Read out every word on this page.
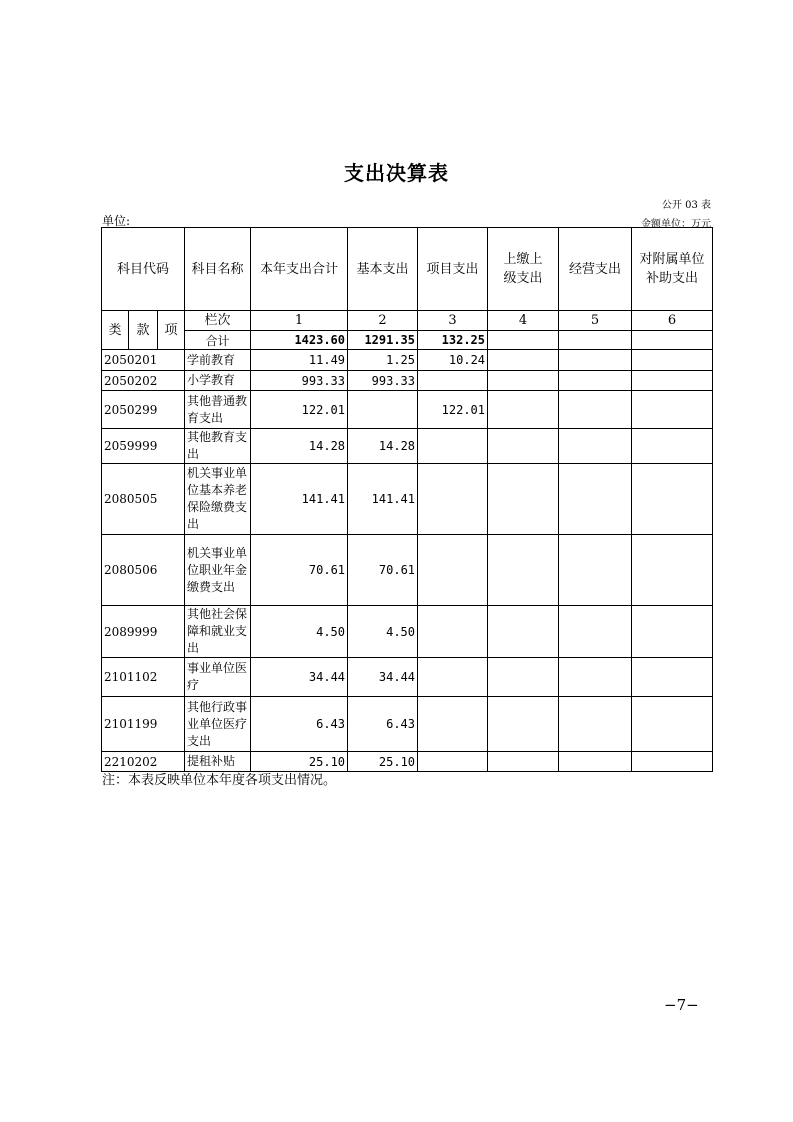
支出决算表
公开 03 表
单位:	金额单位：万元
科目代码			科目名称	本年支出合计	基本支出	项目支出	上缴上级支出	经营支出	对附属单位补助支出
类	款	项	栏次	1	2	3	4	5	6
			合计	1423.60	1291.35	132.25			
2050201			学前教育	11.49	1.25	10.24			
2050202			小学教育	993.33	993.33				
2050299			其他普通教育支出	122.01		122.01			
2059999			其他教育支出	14.28	14.28				
2080505			机关事业单位基本养老保险缴费支出	141.41	141.41				
2080506			机关事业单位职业年金缴费支出	70.61	70.61				
2089999			其他社会保障和就业支出	4.50	4.50				
2101102			事业单位医疗	34.44	34.44				
2101199			其他行政事业单位医疗支出	6.43	6.43				
2210202			提租补贴	25.10	25.10				
注：本表反映单位本年度各项支出情况。
−7−
